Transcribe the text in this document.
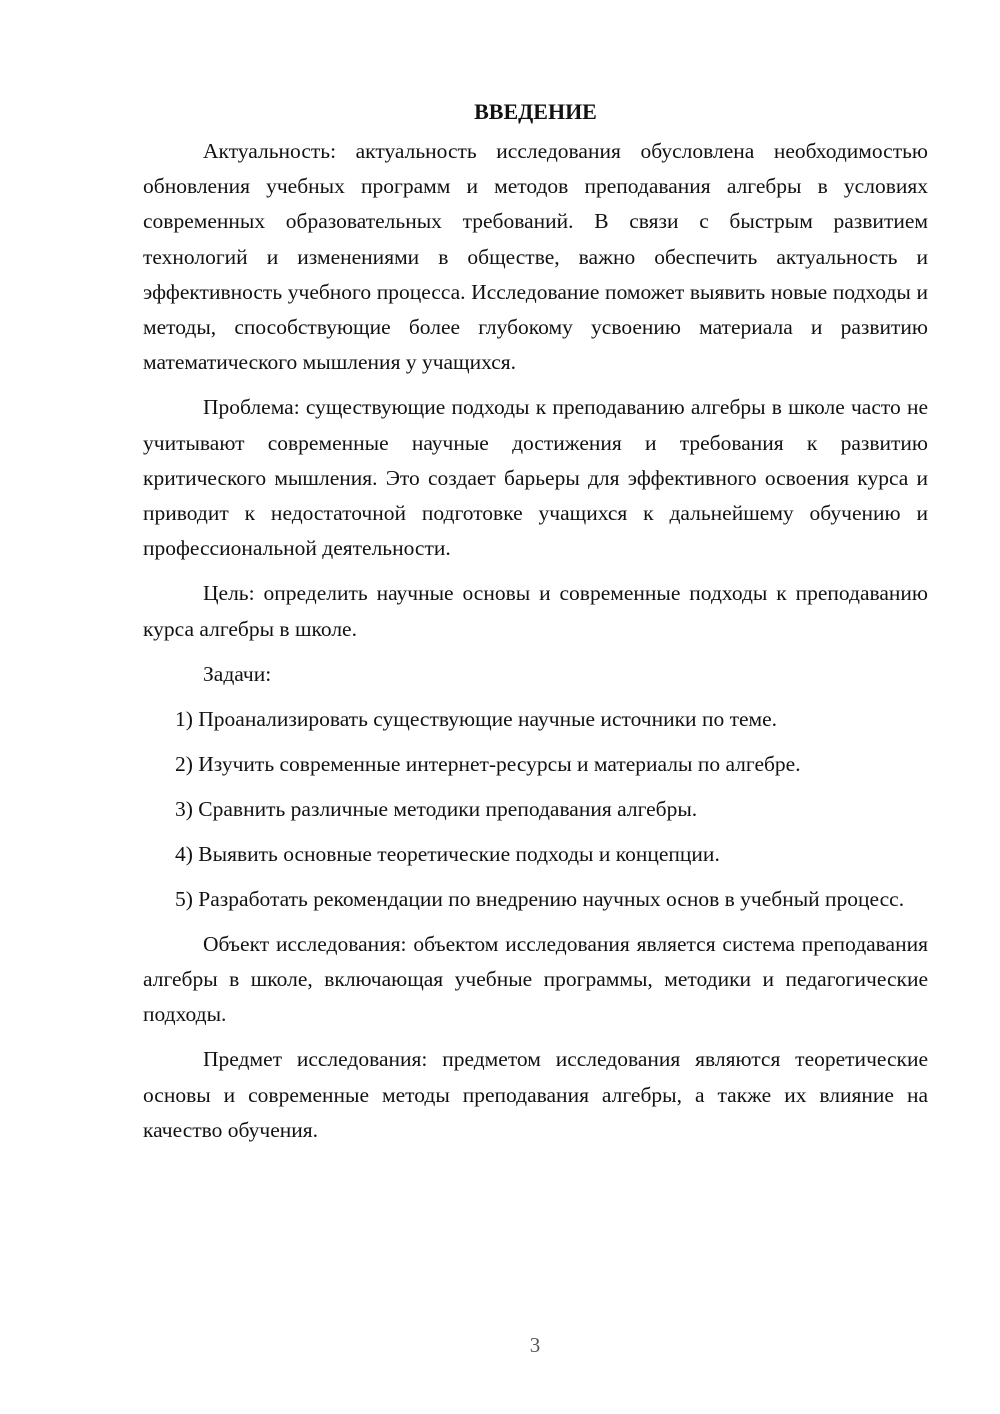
ВВЕДЕНИЕ

Актуальность: актуальность исследования обусловлена необходимостью обновления учебных программ и методов преподавания алгебры в условиях современных образовательных требований. В связи с быстрым развитием технологий и изменениями в обществе, важно обеспечить актуальность и эффективность учебного процесса. Исследование поможет выявить новые подходы и методы, способствующие более глубокому усвоению материала и развитию математического мышления у учащихся.

Проблема: существующие подходы к преподаванию алгебры в школе часто не учитывают современные научные достижения и требования к развитию критического мышления. Это создает барьеры для эффективного освоения курса и приводит к недостаточной подготовке учащихся к дальнейшему обучению и профессиональной деятельности.

Цель: определить научные основы и современные подходы к преподаванию курса алгебры в школе.

Задачи:

1) Проанализировать существующие научные источники по теме.

2) Изучить современные интернет-ресурсы и материалы по алгебре.

3) Сравнить различные методики преподавания алгебры.

4) Выявить основные теоретические подходы и концепции.

5) Разработать рекомендации по внедрению научных основ в учебный процесс.

Объект исследования: объектом исследования является система преподавания алгебры в школе, включающая учебные программы, методики и педагогические подходы.

Предмет исследования: предметом исследования являются теоретические основы и современные методы преподавания алгебры, а также их влияние на качество обучения.

3
